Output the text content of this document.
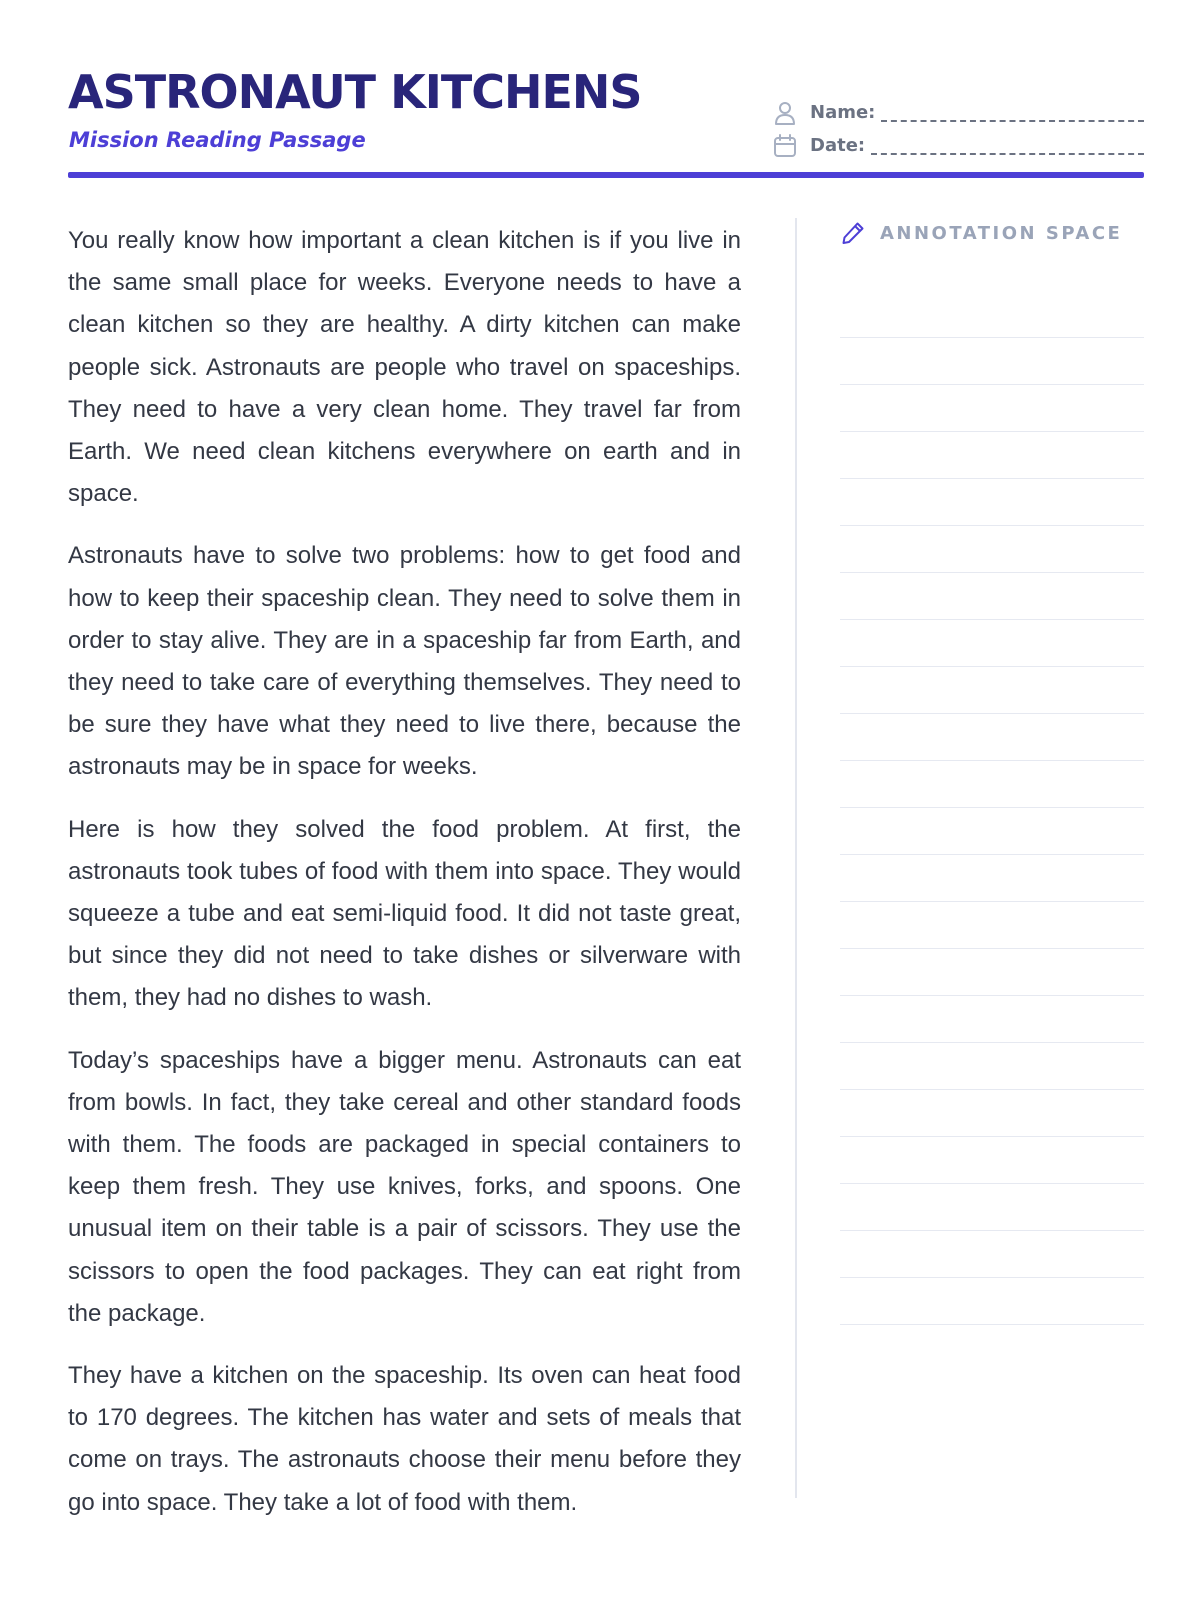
ASTRONAUT KITCHENS
Mission Reading Passage
Name:
Date:

You really know how important a clean kitchen is if you live in the same small place for weeks. Everyone needs to have a clean kitchen so they are healthy. A dirty kitchen can make people sick. Astronauts are people who travel on spaceships. They need to have a very clean home. They travel far from Earth. We need clean kitchens everywhere on earth and in space.

Astronauts have to solve two problems: how to get food and how to keep their spaceship clean. They need to solve them in order to stay alive. They are in a spaceship far from Earth, and they need to take care of everything themselves. They need to be sure they have what they need to live there, because the astronauts may be in space for weeks.

Here is how they solved the food problem. At first, the astronauts took tubes of food with them into space. They would squeeze a tube and eat semi-liquid food. It did not taste great, but since they did not need to take dishes or silverware with them, they had no dishes to wash.

Today’s spaceships have a bigger menu. Astronauts can eat from bowls. In fact, they take cereal and other standard foods with them. The foods are packaged in special containers to keep them fresh. They use knives, forks, and spoons. One unusual item on their table is a pair of scissors. They use the scissors to open the food packages. They can eat right from the package.

They have a kitchen on the spaceship. Its oven can heat food to 170 degrees. The kitchen has water and sets of meals that come on trays. The astronauts choose their menu before they go into space. They take a lot of food with them.

ANNOTATION SPACE
